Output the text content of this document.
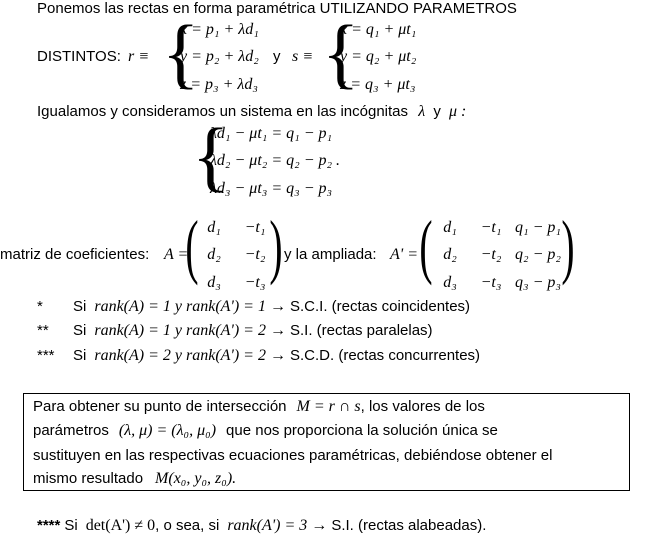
Ponemos las rectas en forma paramétrica UTILIZANDO PARAMETROS
DISTINTOS: r ≡ {
x = p₁ + λd₁
y = p₂ + λd₂
z = p₃ + λd₃
y s ≡ {
x = q₁ + μt₁
y = q₂ + μt₂
z = q₃ + μt₃
Igualamos y consideramos un sistema en las incógnitas λ y μ :
{
λd₁ − μt₁ = q₁ − p₁
λd₂ − μt₂ = q₂ − p₂ .
λd₃ − μt₃ = q₃ − p₃
matriz de coeficientes: A =
( d₁ −t₁
d₂ −t₂
d₃ −t₃ ) y la ampliada: A' = ( d₁ −t₁ q₁ − p₁
d₂ −t₂ q₂ − p₂
d₃ −t₃ q₃ − p₃ )
* Si rank(A) = 1 y rank(A') = 1 → S.C.I. (rectas coincidentes)
** Si rank(A) = 1 y rank(A') = 2 → S.I. (rectas paralelas)
*** Si rank(A) = 2 y rank(A') = 2 → S.C.D. (rectas concurrentes)
Para obtener su punto de intersección M = r ∩ s, los valores de los
parámetros (λ, μ) = (λ₀, μ₀) que nos proporciona la solución única se
sustituyen en las respectivas ecuaciones paramétricas, debiéndose obtener el
mismo resultado M(x₀, y₀, z₀).
**** Si det(A') ≠ 0, o sea, si rank(A') = 3 → S.I. (rectas alabeadas).
